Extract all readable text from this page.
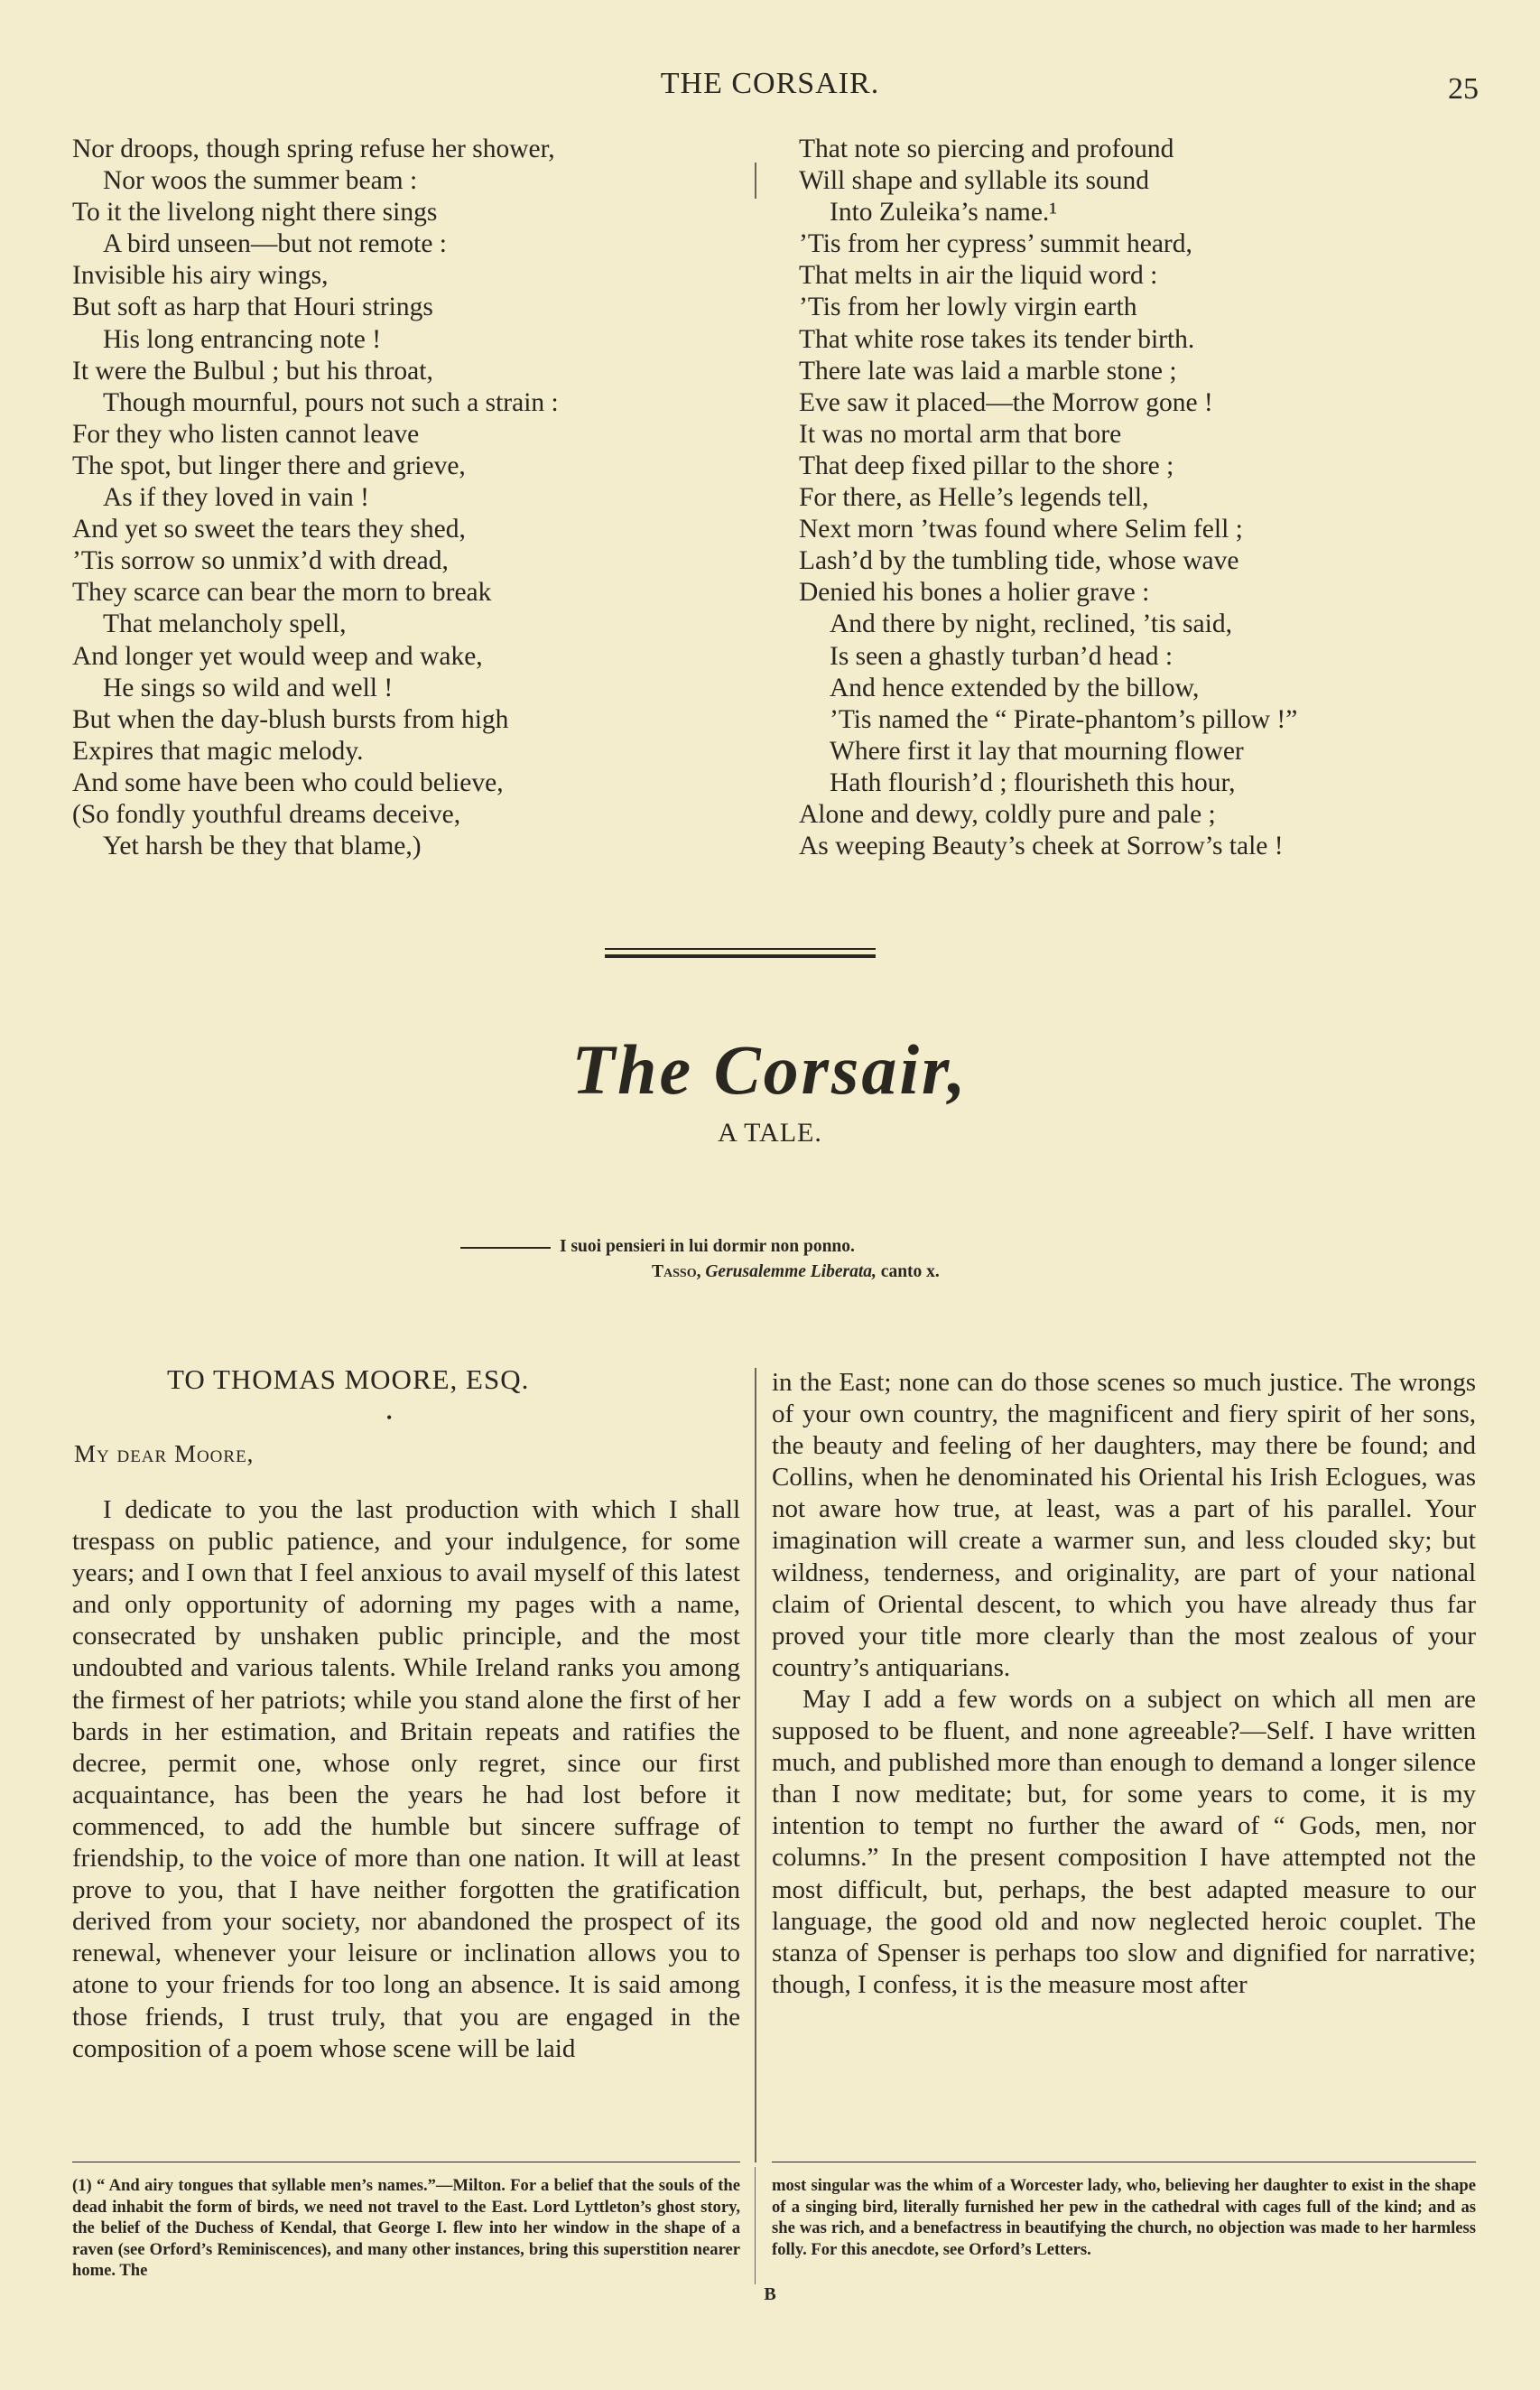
THE CORSAIR.	25
Nor droops, though spring refuse her shower,
Nor woos the summer beam :
To it the livelong night there sings
A bird unseen—but not remote :
Invisible his airy wings,
But soft as harp that Houri strings
His long entrancing note !
It were the Bulbul ; but his throat,
Though mournful, pours not such a strain :
For they who listen cannot leave
The spot, but linger there and grieve,
As if they loved in vain !
And yet so sweet the tears they shed,
’Tis sorrow so unmix’d with dread,
They scarce can bear the morn to break
That melancholy spell,
And longer yet would weep and wake,
He sings so wild and well !
But when the day-blush bursts from high
Expires that magic melody.
And some have been who could believe,
(So fondly youthful dreams deceive,
Yet harsh be they that blame,)
That note so piercing and profound
Will shape and syllable its sound
Into Zuleika’s name.¹
’Tis from her cypress’ summit heard,
That melts in air the liquid word :
’Tis from her lowly virgin earth
That white rose takes its tender birth.
There late was laid a marble stone ;
Eve saw it placed—the Morrow gone !
It was no mortal arm that bore
That deep fixed pillar to the shore ;
For there, as Helle’s legends tell,
Next morn ’twas found where Selim fell ;
Lash’d by the tumbling tide, whose wave
Denied his bones a holier grave :
And there by night, reclined, ’tis said,
Is seen a ghastly turban’d head :
And hence extended by the billow,
’Tis named the “ Pirate-phantom’s pillow !”
Where first it lay that mourning flower
Hath flourish’d ; flourisheth this hour,
Alone and dewy, coldly pure and pale ;
As weeping Beauty’s cheek at Sorrow’s tale !
The Corsair,
A TALE.
I suoi pensieri in lui dormir non ponno.
Tasso, Gerusalemme Liberata, canto x.
TO THOMAS MOORE, ESQ.
•
My dear Moore,

I dedicate to you the last production with which I shall trespass on public patience, and your indulgence, for some years; and I own that I feel anxious to avail myself of this latest and only opportunity of adorning my pages with a name, consecrated by unshaken public principle, and the most undoubted and various talents. While Ireland ranks you among the firmest of her patriots; while you stand alone the first of her bards in her estimation, and Britain repeats and ratifies the decree, permit one, whose only regret, since our first acquaintance, has been the years he had lost before it commenced, to add the humble but sincere suffrage of friendship, to the voice of more than one nation. It will at least prove to you, that I have neither forgotten the gratification derived from your society, nor abandoned the prospect of its renewal, whenever your leisure or inclination allows you to atone to your friends for too long an absence. It is said among those friends, I trust truly, that you are engaged in the composition of a poem whose scene will be laid

in the East; none can do those scenes so much justice. The wrongs of your own country, the magnificent and fiery spirit of her sons, the beauty and feeling of her daughters, may there be found; and Collins, when he denominated his Oriental his Irish Eclogues, was not aware how true, at least, was a part of his parallel. Your imagination will create a warmer sun, and less clouded sky; but wildness, tenderness, and originality, are part of your national claim of Oriental descent, to which you have already thus far proved your title more clearly than the most zealous of your country’s antiquarians.

May I add a few words on a subject on which all men are supposed to be fluent, and none agreeable?—Self. I have written much, and published more than enough to demand a longer silence than I now meditate; but, for some years to come, it is my intention to tempt no further the award of “ Gods, men, nor columns.” In the present composition I have attempted not the most difficult, but, perhaps, the best adapted measure to our language, the good old and now neglected heroic couplet. The stanza of Spenser is perhaps too slow and dignified for narrative; though, I confess, it is the measure most after

(1) “ And airy tongues that syllable men’s names.”—Milton. For a belief that the souls of the dead inhabit the form of birds, we need not travel to the East. Lord Lyttleton’s ghost story, the belief of the Duchess of Kendal, that George I. flew into her window in the shape of a raven (see Orford’s Reminiscences), and many other instances, bring this superstition nearer home. The
most singular was the whim of a Worcester lady, who, believing her daughter to exist in the shape of a singing bird, literally furnished her pew in the cathedral with cages full of the kind; and as she was rich, and a benefactress in beautifying the church, no objection was made to her harmless folly. For this anecdote, see Orford’s Letters.
B
